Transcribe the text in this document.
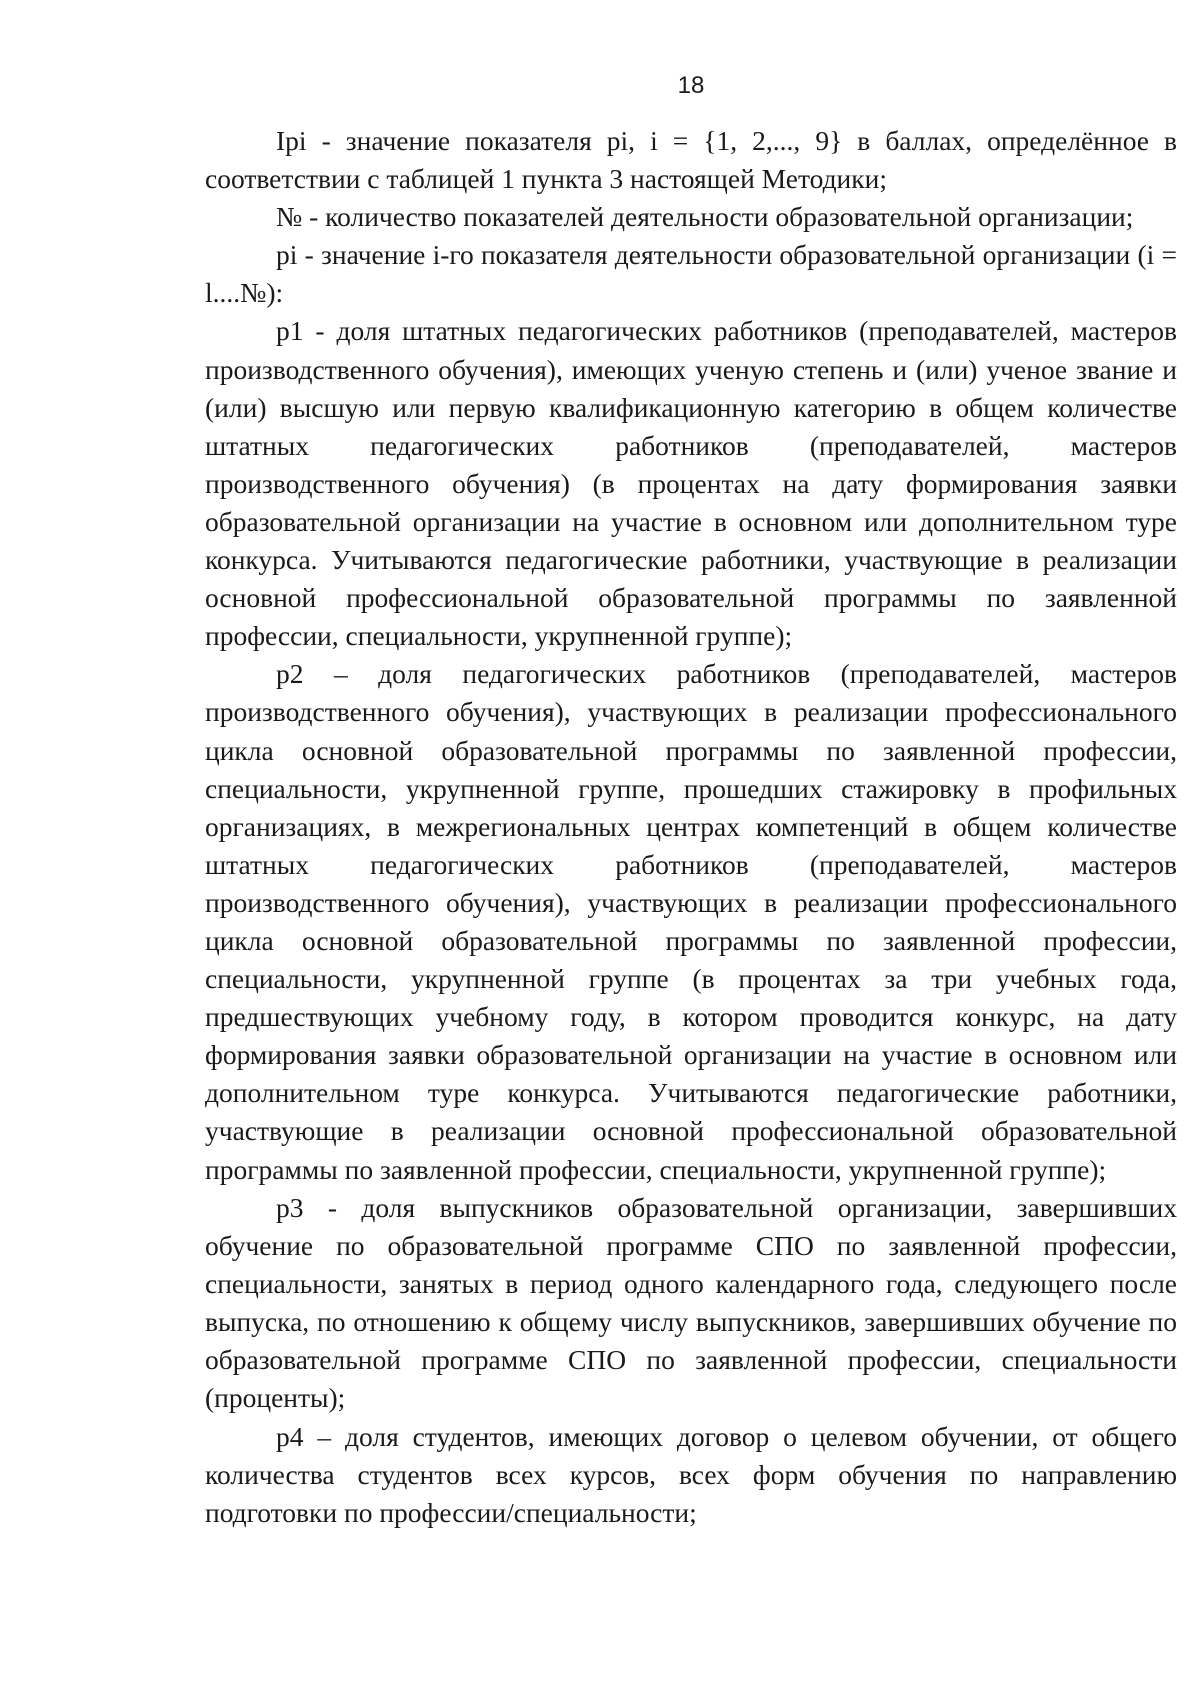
18

Ipi - значение показателя pi, i = {1, 2,..., 9} в баллах, определённое в соответствии с таблицей 1 пункта 3 настоящей Методики;

№ - количество показателей деятельности образовательной организации;

pi - значение i-го показателя деятельности образовательной организации (i = l....№):

p1 - доля штатных педагогических работников (преподавателей, мастеров производственного обучения), имеющих ученую степень и (или) ученое звание и (или) высшую или первую квалификационную категорию в общем количестве штатных педагогических работников (преподавателей, мастеров производственного обучения) (в процентах на дату формирования заявки образовательной организации на участие в основном или дополнительном туре конкурса. Учитываются педагогические работники, участвующие в реализации основной профессиональной образовательной программы по заявленной профессии, специальности, укрупненной группе);

p2 – доля педагогических работников (преподавателей, мастеров производственного обучения), участвующих в реализации профессионального цикла основной образовательной программы по заявленной профессии, специальности, укрупненной группе, прошедших стажировку в профильных организациях, в межрегиональных центрах компетенций в общем количестве штатных педагогических работников (преподавателей, мастеров производственного обучения), участвующих в реализации профессионального цикла основной образовательной программы по заявленной профессии, специальности, укрупненной группе (в процентах за три учебных года, предшествующих учебному году, в котором проводится конкурс, на дату формирования заявки образовательной организации на участие в основном или дополнительном туре конкурса. Учитываются педагогические работники, участвующие в реализации основной профессиональной образовательной программы по заявленной профессии, специальности, укрупненной группе);

p3 - доля выпускников образовательной организации, завершивших обучение по образовательной программе СПО по заявленной профессии, специальности, занятых в период одного календарного года, следующего после выпуска, по отношению к общему числу выпускников, завершивших обучение по образовательной программе СПО по заявленной профессии, специальности (проценты);

p4 – доля студентов, имеющих договор о целевом обучении, от общего количества студентов всех курсов, всех форм обучения по направлению подготовки по профессии/специальности;
